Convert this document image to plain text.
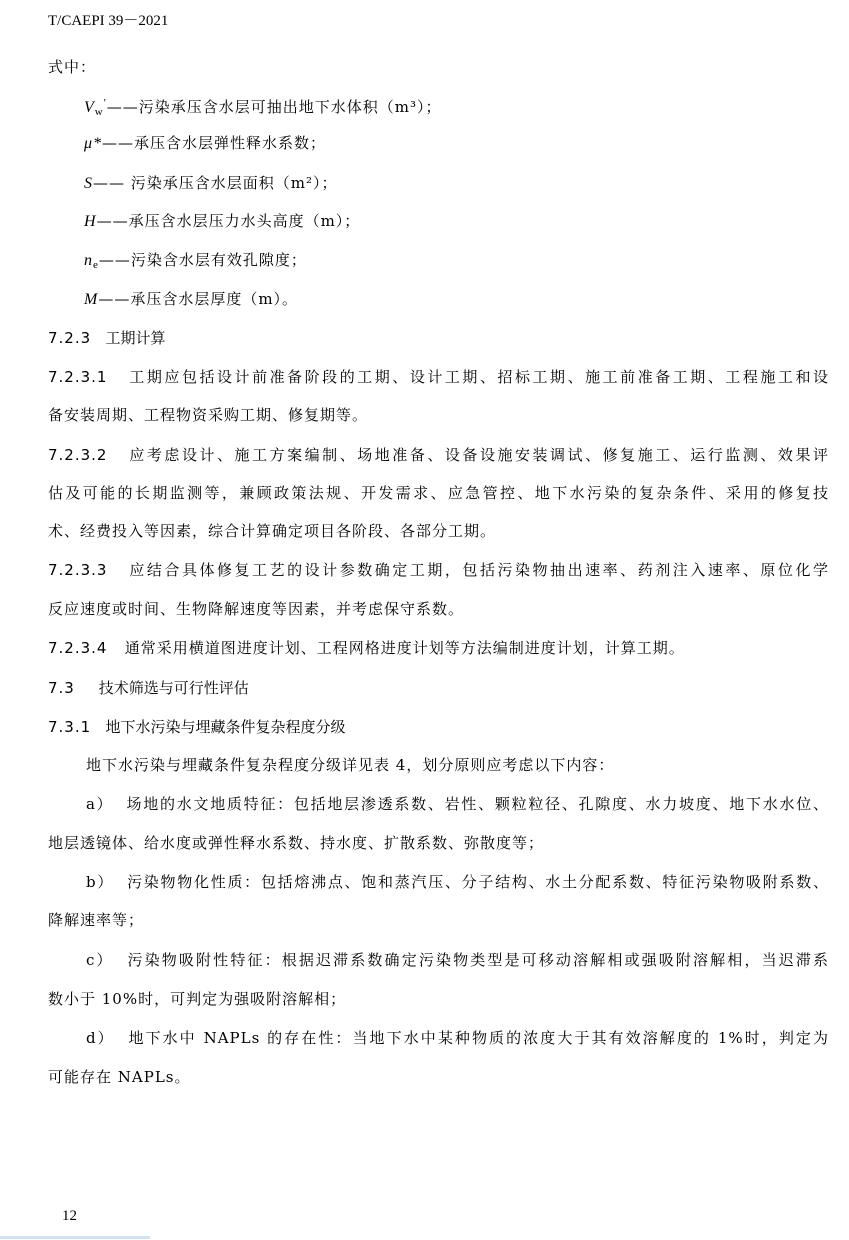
T/CAEPI 39－2021
式中：
$V_w'——$污染承压含水层可抽出地下水体积（m³）；
μ*——承压含水层弹性释水系数；
S—— 污染承压含水层面积（m²）；
H——承压含水层压力水头高度（m）；
$n_e——$污染含水层有效孔隙度；
M——承压含水层厚度（m）。
7.2.3 工期计算
7.2.3.1 工期应包括设计前准备阶段的工期、设计工期、招标工期、施工前准备工期、工程施工和设
备安装周期、工程物资采购工期、修复期等。
7.2.3.2 应考虑设计、施工方案编制、场地准备、设备设施安装调试、修复施工、运行监测、效果评
估及可能的长期监测等，兼顾政策法规、开发需求、应急管控、地下水污染的复杂条件、采用的修复技
术、经费投入等因素，综合计算确定项目各阶段、各部分工期。
7.2.3.3 应结合具体修复工艺的设计参数确定工期，包括污染物抽出速率、药剂注入速率、原位化学
反应速度或时间、生物降解速度等因素，并考虑保守系数。
7.2.3.4 通常采用横道图进度计划、工程网格进度计划等方法编制进度计划，计算工期。
7.3 技术筛选与可行性评估
7.3.1 地下水污染与埋藏条件复杂程度分级
地下水污染与埋藏条件复杂程度分级详见表 4，划分原则应考虑以下内容：
a） 场地的水文地质特征：包括地层渗透系数、岩性、颗粒粒径、孔隙度、水力坡度、地下水水位、
地层透镜体、给水度或弹性释水系数、持水度、扩散系数、弥散度等；
b） 污染物物化性质：包括熔沸点、饱和蒸汽压、分子结构、水土分配系数、特征污染物吸附系数、
降解速率等；
c） 污染物吸附性特征：根据迟滞系数确定污染物类型是可移动溶解相或强吸附溶解相，当迟滞系
数小于 10%时，可判定为强吸附溶解相；
d） 地下水中 NAPLs 的存在性：当地下水中某种物质的浓度大于其有效溶解度的 1%时，判定为
可能存在 NAPLs。
12
